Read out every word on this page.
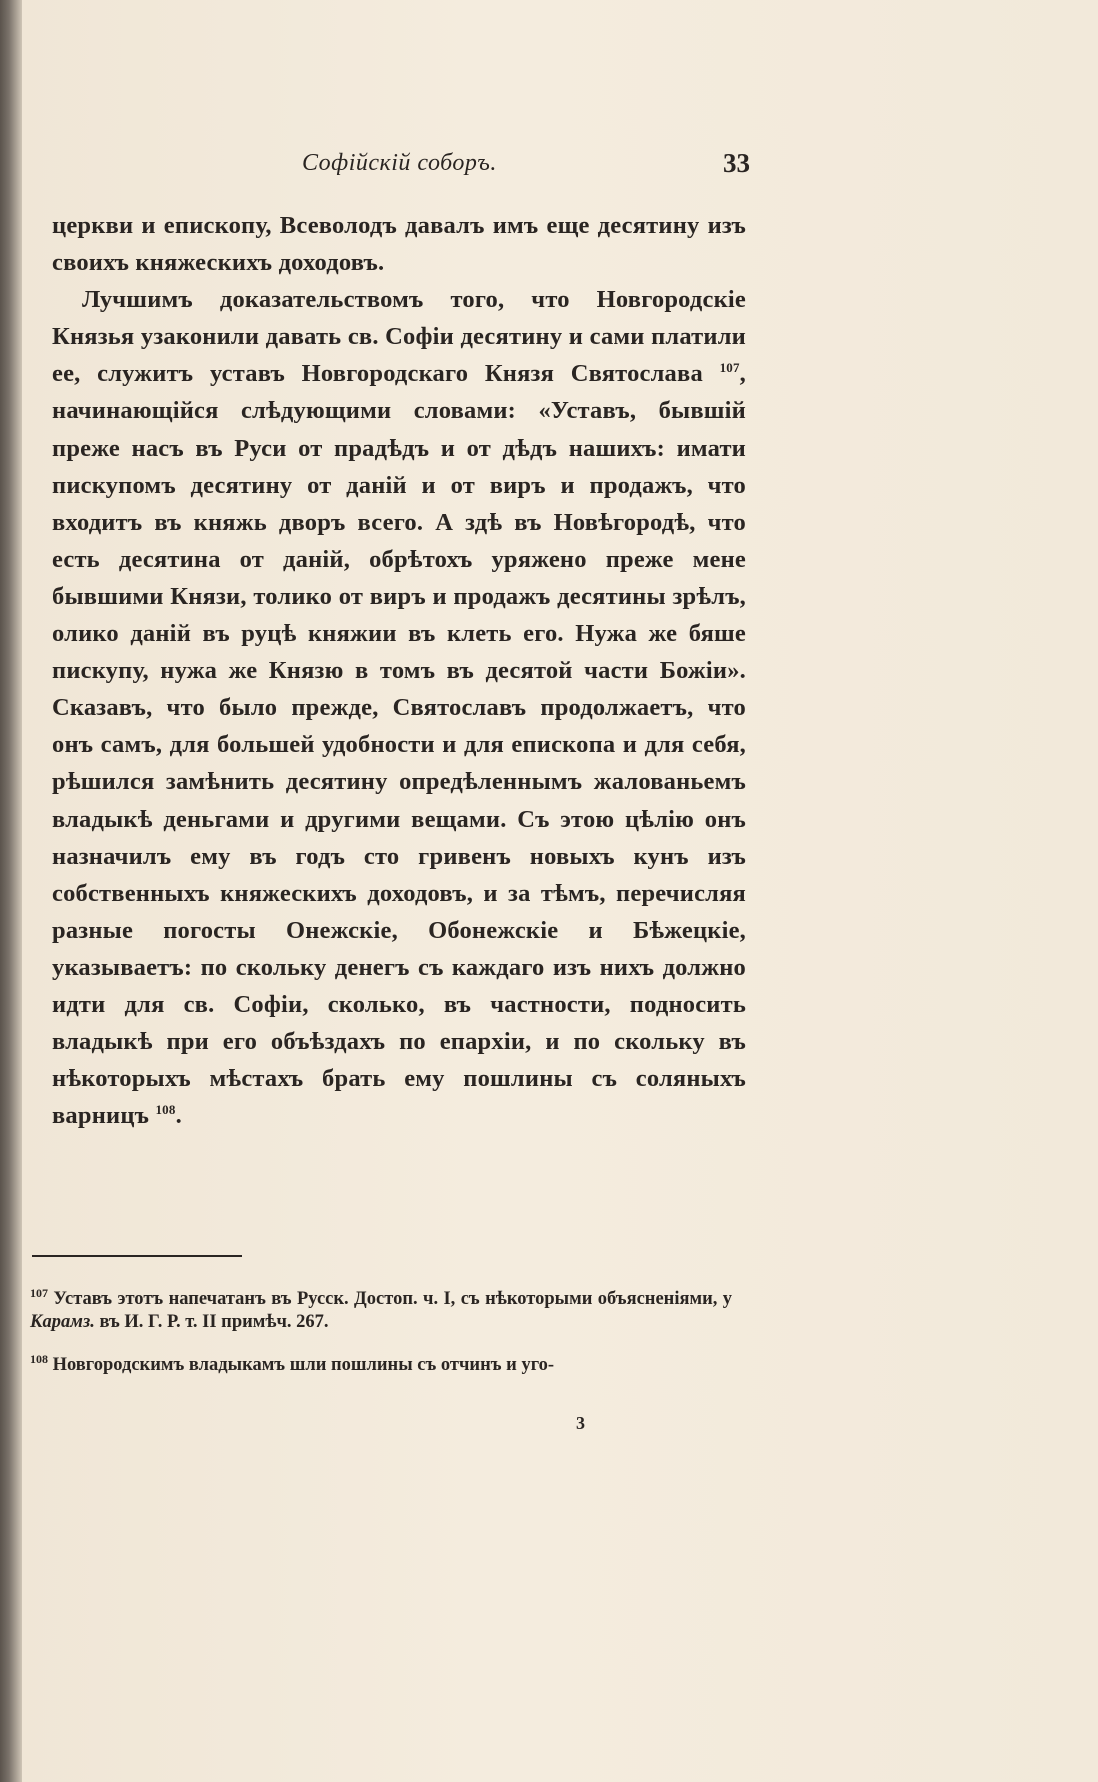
Софійскій соборъ.	33

церкви и епископу, Всеволодъ давалъ имъ еще десятину изъ своихъ княжескихъ доходовъ.

Лучшимъ доказательствомъ того, что Новгородскіе Князья узаконили давать св. Софіи десятину и сами платили ее, служитъ уставъ Новгородскаго Князя Святослава $^{107}$, начинающійся слѣдующими словами: «Уставъ, бывшій преже насъ въ Руси от прадѣдъ и от дѣдъ нашихъ: имати пискупомъ десятину от даній и от виръ и продажъ, что входитъ въ княжь дворъ всего. А здѣ въ Новѣгородѣ, что есть десятина от даній, обрѣтохъ уряжено преже мене бывшими Князи, толико от виръ и продажъ десятины зрѣлъ, олико даній въ руцѣ княжии въ клеть его. Нужа же бяше пискупу, нужа же Князю в томъ въ десятой части Божіи». Сказавъ, что было прежде, Святославъ продолжаетъ, что онъ самъ, для большей удобности и для епископа и для себя, рѣшился замѣнить десятину опредѣленнымъ жалованьемъ владыкѣ деньгами и другими вещами. Съ этою цѣлію онъ назначилъ ему въ годъ сто гривенъ новыхъ кунъ изъ собственныхъ княжескихъ доходовъ, и за тѣмъ, перечисляя разные погосты Онежскіе, Обонежскіе и Бѣжецкіе, указываетъ: по скольку денегъ съ каждаго изъ нихъ должно идти для св. Софіи, сколько, въ частности, подносить владыкѣ при его объѣздахъ по епархіи, и по скольку въ нѣкоторыхъ мѣстахъ брать ему пошлины съ соляныхъ варницъ $^{108}$.

$^{107}$ Уставъ этотъ напечатанъ въ Русск. Достоп. ч. I, съ нѣкоторыми объясненіями, у Карамз. въ И. Г. Р. т. II примѣч. 267.

$^{108}$ Новгородскимъ владыкамъ шли пошлины съ отчинъ и уго-

3
